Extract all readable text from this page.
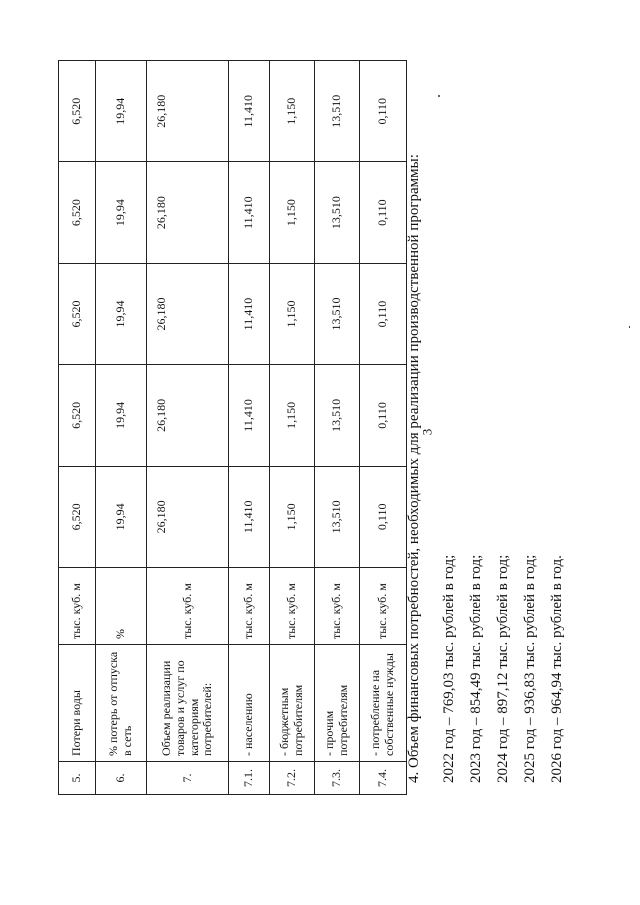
3
5.	Потери воды	тыс. куб. м	6,520	6,520	6,520	6,520	6,520
6.	% потерь от отпуска в сеть	%	19,94	19,94	19,94	19,94	19,94
7.	Объем реализации товаров и услуг по категориям потребителей:	тыс. куб. м	26,180	26,180	26,180	26,180	26,180
7.1.	- населению	тыс. куб. м	11,410	11,410	11,410	11,410	11,410
7.2.	- бюджетным потребителям	тыс. куб. м	1,150	1,150	1,150	1,150	1,150
7.3.	- прочим потребителям	тыс. куб. м	13,510	13,510	13,510	13,510	13,510
7.4.	- потребление на собственные нужды	тыс. куб. м	0,110	0,110	0,110	0,110	0,110

4. Объем финансовых потребностей, необходимых для реализации производственной программы:	2022 год – 769,03 тыс. рублей в год; 2023 год – 854,49 тыс. рублей в год; 2024 год – 897,12 тыс. рублей в год; 2025 год – 936,83 тыс. рублей в год; 2026 год – 964,94 тыс. рублей в год.
